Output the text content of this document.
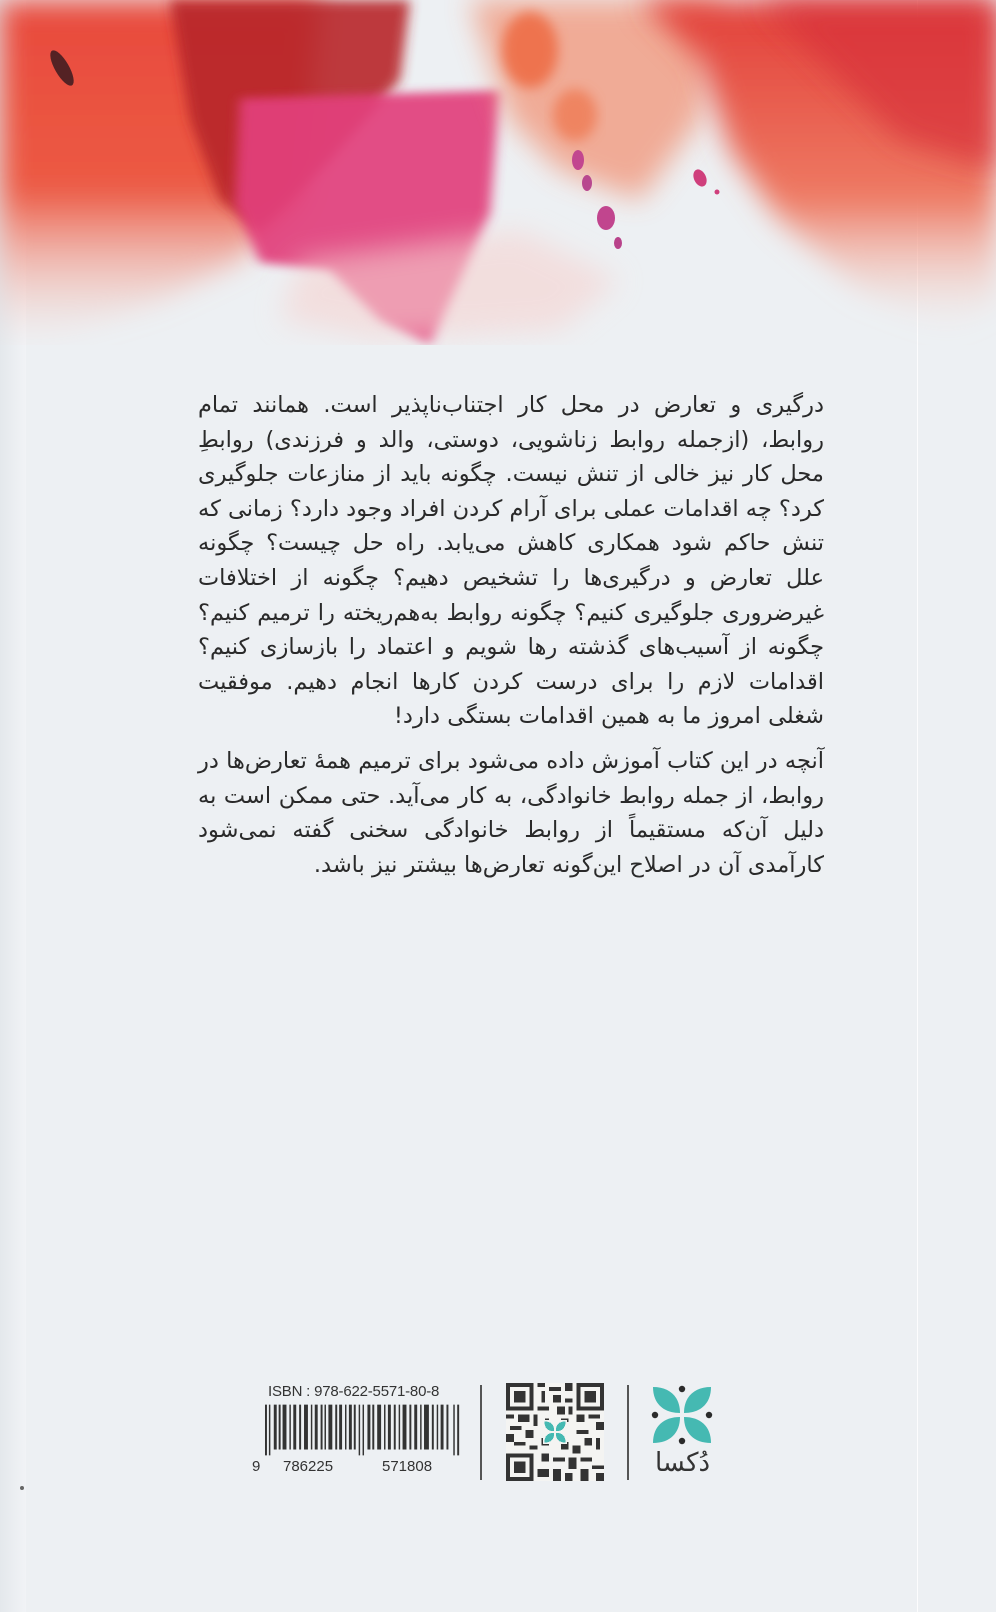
درگیری و تعارض در محل کار اجتناب‌ناپذیر است. همانند تمام روابط، (ازجمله روابط زناشویی، دوستی، والد و فرزندی) روابطِ محل کار نیز خالی از تنش نیست. چگونه باید از منازعات جلوگیری کرد؟ چه اقدامات عملی برای آرام کردن افراد وجود دارد؟ زمانی که تنش حاکم شود همکاری کاهش می‌یابد. راه حل چیست؟ چگونه علل تعارض و درگیری‌ها را تشخیص دهیم؟ چگونه از اختلافات غیرضروری جلوگیری کنیم؟ چگونه روابط به‌هم‌ریخته را ترمیم کنیم؟ چگونه از آسیب‌های گذشته رها شویم و اعتماد را بازسازی کنیم؟ اقدامات لازم را برای درست کردن کارها انجام دهیم. موفقیت شغلی امروز ما به همین اقدامات بستگی دارد!

آنچه در این کتاب آموزش داده می‌شود برای ترمیم همهٔ تعارض‌ها در روابط، از جمله روابط خانوادگی، به کار می‌آید. حتی ممکن است به دلیل آن‌که مستقیماً از روابط خانوادگی سخنی گفته نمی‌شود کارآمدی آن در اصلاح این‌گونه تعارض‌ها بیشتر نیز باشد.

ISBN : 978-622-5571-80-8
9 786225	571808	دُکسا
